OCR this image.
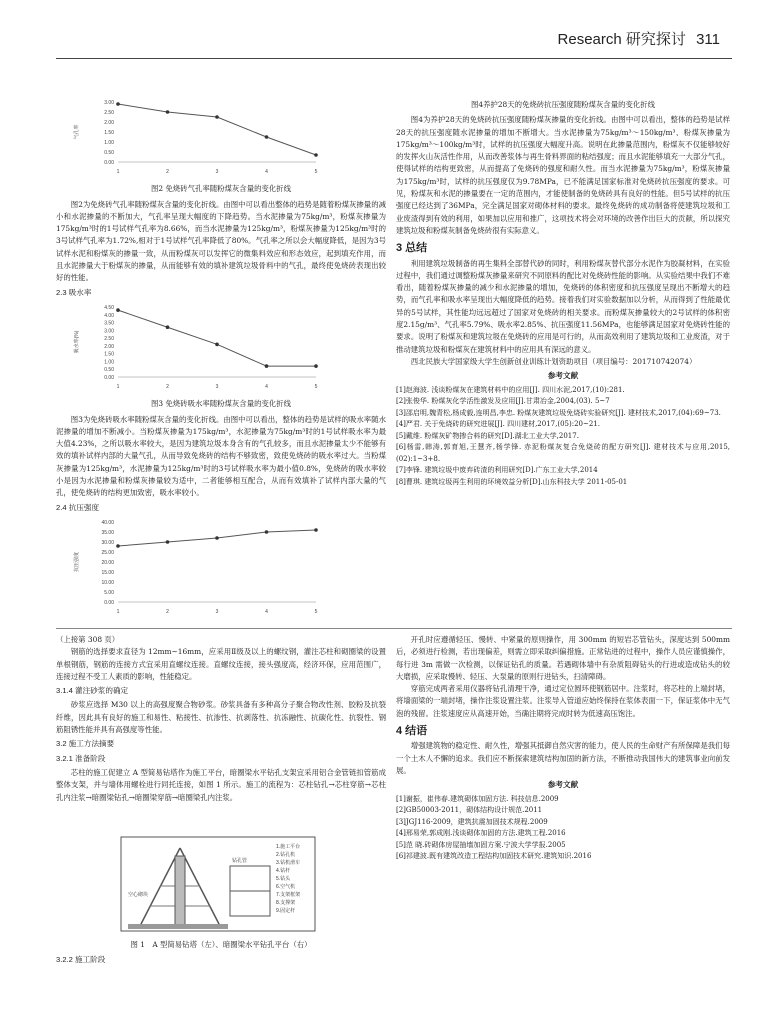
Research 研究探讨 311
气孔率
3.00
2.50
2.00
1.50
1.00
0.50
0.00
1	2	3	4	5
图2 免烧砖气孔率随粉煤灰含量的变化折线

图2为免烧砖气孔率随粉煤灰含量的变化折线。由图中可以看出整体的趋势是随着粉煤灰掺量的减小和水泥掺量的不断加大，气孔率呈现大幅度的下降趋势。当水泥掺量为75kg/m³，粉煤灰掺量为175kg/m³时的1号试样气孔率为8.66%，而当水泥掺量为125kg/m³，粉煤灰掺量为125kg/m³时的3号试样气孔率为1.72%,相对于1号试样气孔率降低了80%。气孔率之所以会大幅度降低，是因为3号试样水泥和粉煤灰的掺量一致，从而粉煤灰可以发挥它的微集料效应和形态效应，起到填充作用，而且水泥掺量大于粉煤灰的掺量，从而能够有效的填补建筑垃圾骨料中的气孔，最终使免烧砖表现出较好的性能。

2.3 吸水率
吸水率(%)
4.50
4.00
3.50
3.00
2.50
2.00
1.50
1.00
0.50
0.00
1	2	3	4	5
图3 免烧砖吸水率随粉煤灰含量的变化折线

图3为免烧砖吸水率随粉煤灰含量的变化折线。由图中可以看出，整体的趋势是试样的吸水率随水泥掺量的增加不断减小。当粉煤灰掺量为175kg/m³，水泥掺量为75kg/m³时的1号试样吸水率为最大值4.23%，之所以吸水率较大，是因为建筑垃圾本身含有的气孔较多，而且水泥掺量太少不能够有效的填补试样内部的大量气孔，从而导致免烧砖的结构不够致密，致使免烧砖的吸水率过大。当粉煤灰掺量为125kg/m³，水泥掺量为125kg/m³时的3号试样吸水率为最小值0.8%，免烧砖的吸水率较小是因为水泥掺量和粉煤灰掺量较为适中，二者能够相互配合，从而有效填补了试样内部大量的气孔，使免烧砖的结构更加致密，吸水率较小。

2.4 抗压强度
抗压强度
40.00
35.00
30.00
25.00
20.00
15.00
10.00
5.00
0.00
1	2	3	4	5
图4养护28天的免烧砖抗压强度随粉煤灰含量的变化折线

图4为养护28天的免烧砖抗压强度随粉煤灰掺量的变化折线。由图中可以看出，整体的趋势是试样28天的抗压强度随水泥掺量的增加不断增大。当水泥掺量为75kg/m³～150kg/m³、粉煤灰掺量为175kg/m³～100kg/m³时，试样的抗压强度大幅度升高。说明在此掺量范围内，粉煤灰不仅能够较好的发挥火山灰活性作用，从而改善浆体与再生骨料界面的粘结强度；而且水泥能够填充一大部分气孔，使得试样的结构更致密，从而提高了免烧砖的强度和耐久性。而当水泥掺量为75kg/m³，粉煤灰掺量为175kg/m³时，试样的抗压强度仅为9.78MPa，已不能满足国家标准对免烧砖抗压强度的要求。可见，粉煤灰和水泥的掺量要在一定的范围内，才能使制备的免烧砖具有良好的性能。但5号试样的抗压强度已经达到了36MPa，完全满足国家对砌体材料的要求。最终免烧砖的成功制备将使建筑垃圾和工业废渣得到有效的利用，如果加以应用和推广，这项技术将会对环境的改善作出巨大的贡献，所以探究建筑垃圾和粉煤灰制备免烧砖很有实际意义。

3 总结

利用建筑垃圾制备的再生集料全部替代砂的同时，利用粉煤灰替代部分水泥作为胶凝材料，在实验过程中，我们通过调整粉煤灰掺量来研究不同原料的配比对免烧砖性能的影响。从实验结果中我们不难看出，随着粉煤灰掺量的减少和水泥掺量的增加，免烧砖的体积密度和抗压强度呈现出不断增大的趋势，而气孔率和吸水率呈现出大幅度降低的趋势。接着我们对实验数据加以分析，从而得到了性能最优异的5号试样，其性能均远远超过了国家对免烧砖的相关要求。而粉煤灰掺量较大的2号试样的体积密度2.15g/m³、气孔率5.79%、吸水率2.85%、抗压强度11.56MPa，也能够满足国家对免烧砖性能的要求。说明了粉煤灰和建筑垃圾在免烧砖的应用是可行的，从而高效利用了建筑垃圾和工业废渣，对于推动建筑垃圾和粉煤灰在建筑材料中的应用具有深远的意义。

西北民族大学国家级大学生创新创业训练计划资助项目（项目编号：201710742074）

参考文献
[1]赵海波. 浅谈粉煤灰在建筑材料中的应用[J]. 四川水泥,2017,(10):281.
[2]张俊华. 粉煤灰化学活性激发及应用[J].甘肃冶金,2004,(03). 5~7
[3]邵启明,魏青松,杨成毅,连明昌,李忠. 粉煤灰建筑垃圾免烧砖实验研究[J]. 建材技术,2017,(04):69~73.
[4]严君. 关于免烧砖的研究进展[J]. 四川建材,2017,(05):20~21.
[5]戴维. 粉煤灰矿物掺合料的研究[D].湖北工业大学,2017.
[6]杨雷,韩涛,郭育旭,王慧齐,杨学锋. 赤泥粉煤灰复合免烧砖的配方研究[J]. 建材技术与应用,2015,(02):1~3+8.
[7]李锋. 建筑垃圾中废弃砖渣的利用研究[D].广东工业大学,2014
[8]曹琪. 建筑垃圾再生利用的环境效益分析[D].山东科技大学 2011-05-01
（上接第 308 页）

钢筋的选择要求直径为 12mm~16mm，应采用Ⅱ级及以上的螺纹钢，灌注芯柱和砌圈梁的设置单根钢筋，钢筋的连接方式宜采用直螺纹连接。直螺纹连接，接头强度高，经济环保，应用范围广，连接过程不受工人素质的影响，性能稳定。

3.1.4 灌注砂浆的确定

砂浆应选择 M30 以上的高强度聚合物砂浆。砂浆具备有多种高分子聚合物改性剂、胶粉及抗裂纤维，因此具有良好的施工和易性、粘接性、抗渗性、抗剥落性、抗冻融性、抗碳化性、抗裂性、钢筋阻锈性能并具有高强度等性能。

3.2 施工方法摘要
3.2.1 准备阶段

芯柱的施工促建立 A 型简易钻塔作为施工平台，暗圈梁水平钻孔支架宜采用铝合金管链扣管筋成整体支架，并与墙体用螺栓进行同托连接，如图 1 所示。施工的流程为：芯柱钻孔→芯柱穿筋→芯柱孔内注浆→暗圈梁钻孔→暗圈梁穿筋→暗圈梁孔内注浆。

钻孔管
空心砌块
1.施工平台
2.钻孔机
3.钻机滑车
4.钻杆
5.钻头
6.空气机
7.支架框架
8.支撑架
9.固定杆
图 1　A 型简易钻塔（左）、暗圈梁水平钻孔平台（右）
3.2.2 施工阶段

开孔时应遵循轻压、慢转、中紧量的原则操作，用 300mm 的短岩芯管钻头，深度达到 500mm 后，必须进行检测，若出现偏差，则需立即采取纠偏措施。正常钻进的过程中，操作人员应谨慎操作，每行进 3m 需做一次检测，以保证钻孔的质量。若遇砌体墙中有杂质阻碍钻头的行进或造成钻头的较大磨损，应采取慢转、轻压、大泵量的原则行进钻头，扫清障碍。

穿筋完成两者采用仪器将钻孔清理干净，通过定位圆环使钢筋居中。注浆时，将芯柱的上端封堵，将墙面梁的一端封堵，操作注浆设置注浆。注浆导入管道应始终保持在浆体表面一下，保证浆体中无气泡的残留。注浆速度应从高速开始，当确注期将完成时转为低速高压饱注。

4 结语

增强建筑物的稳定性、耐久性，增强其抵御自然灾害的能力，使人民的生命财产有所保障是我们每一个土木人不懈的追求。我们应不断探索建筑结构加固的新方法，不断推动我国伟大的建筑事业向前发展。

参考文献
[1]谢振，崔伟春.建筑砌体加固方法. 科技信息.2009
[2]GB50003-2011，砌体结构设计规范.2011
[3]JGJ116-2009，建筑抗震加固技术规程.2009
[4]邢易荣,郭成刚.浅谈砌体加固的方法.建筑工程.2016
[5]范 晓.砖砌体房屋抽墙加固方案.宁波大学学报.2005
[6]祁建波.既有建筑改造工程结构加固技术研究.建筑知识.2016
